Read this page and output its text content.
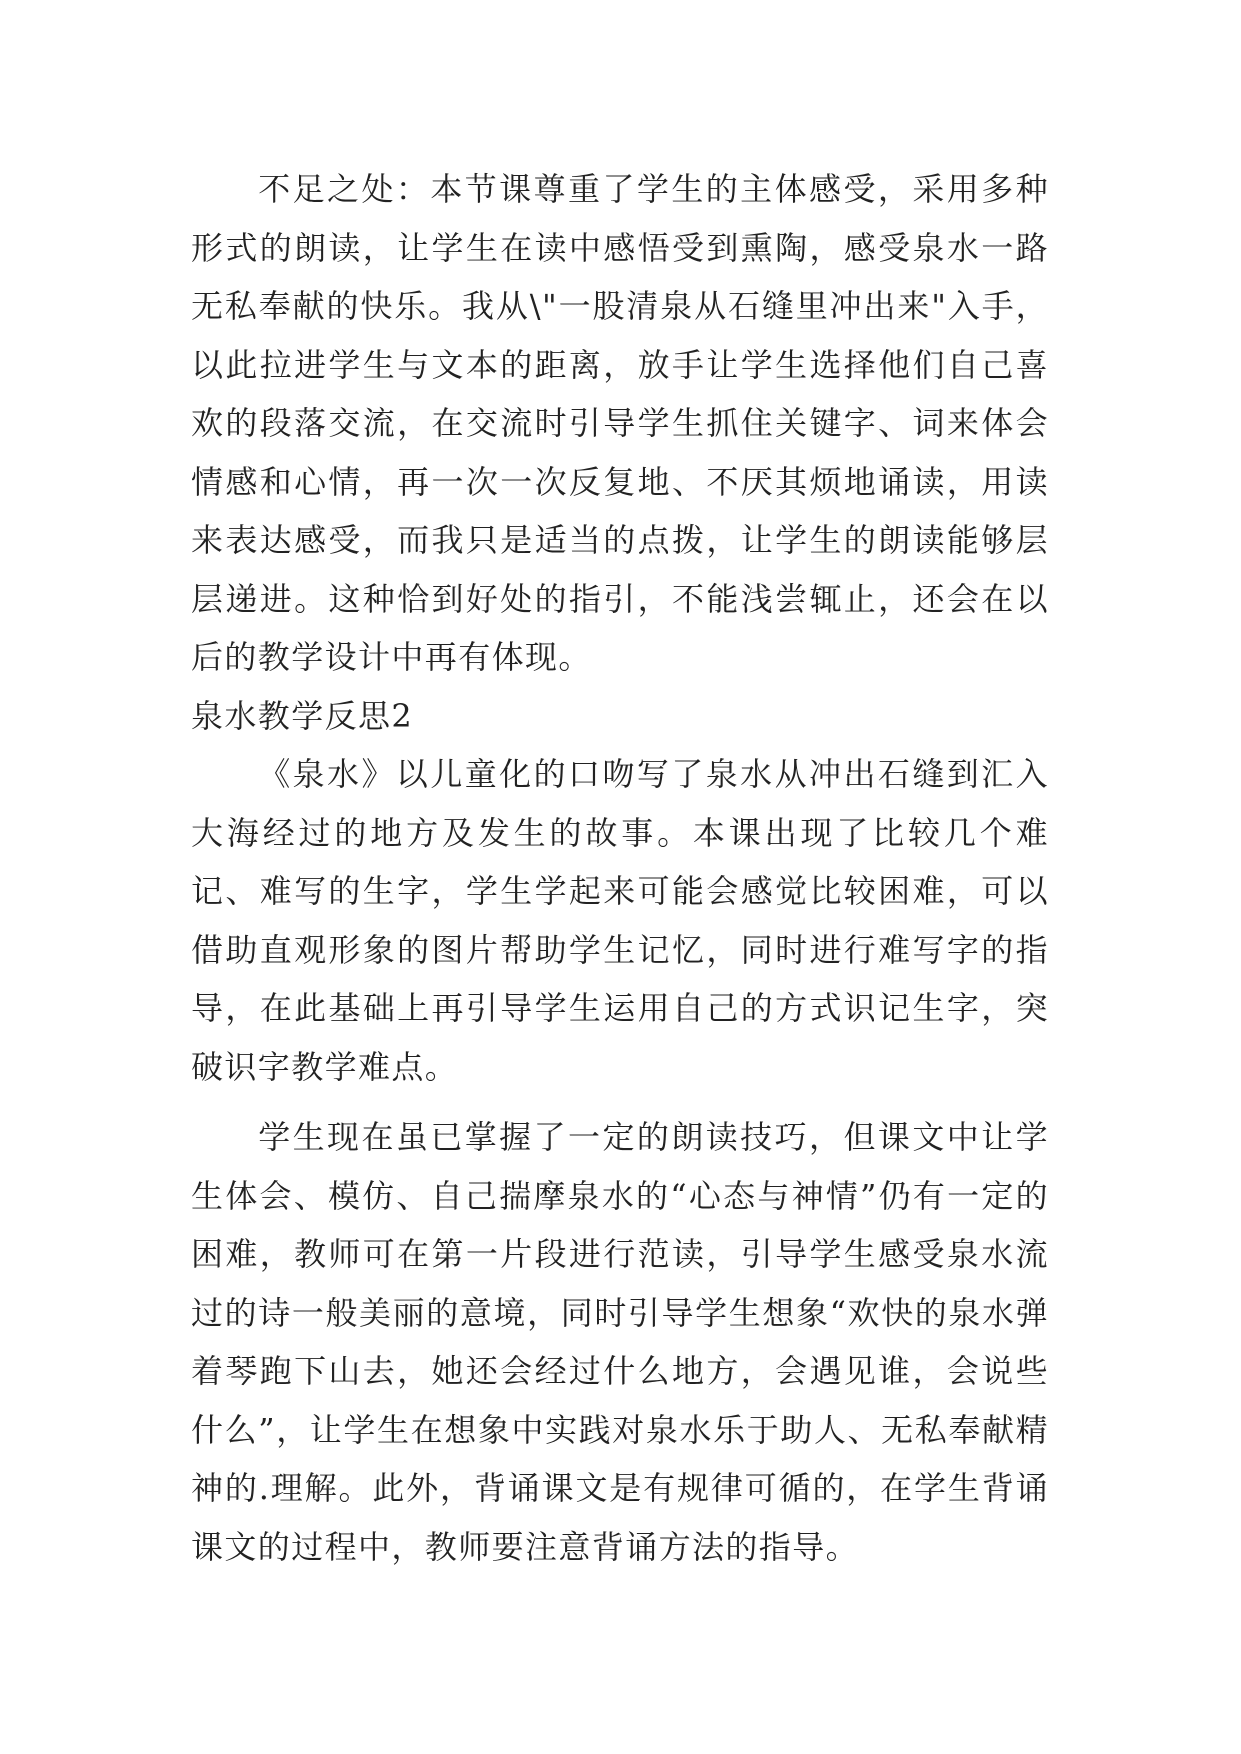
不足之处：本节课尊重了学生的主体感受，采用多种形式的朗读，让学生在读中感悟受到熏陶，感受泉水一路无私奉献的快乐。我从\"一股清泉从石缝里冲出来"入手，以此拉进学生与文本的距离，放手让学生选择他们自己喜欢的段落交流，在交流时引导学生抓住关键字、词来体会情感和心情，再一次一次反复地、不厌其烦地诵读，用读来表达感受，而我只是适当的点拨，让学生的朗读能够层层递进。这种恰到好处的指引，不能浅尝辄止，还会在以后的教学设计中再有体现。

泉水教学反思2

《泉水》以儿童化的口吻写了泉水从冲出石缝到汇入大海经过的地方及发生的故事。本课出现了比较几个难记、难写的生字，学生学起来可能会感觉比较困难，可以借助直观形象的图片帮助学生记忆，同时进行难写字的指导，在此基础上再引导学生运用自己的方式识记生字，突破识字教学难点。

学生现在虽已掌握了一定的朗读技巧，但课文中让学生体会、模仿、自己揣摩泉水的“心态与神情”仍有一定的困难，教师可在第一片段进行范读，引导学生感受泉水流过的诗一般美丽的意境，同时引导学生想象“欢快的泉水弹着琴跑下山去，她还会经过什么地方，会遇见谁，会说些什么”，让学生在想象中实践对泉水乐于助人、无私奉献精神的.理解。此外，背诵课文是有规律可循的，在学生背诵课文的过程中，教师要注意背诵方法的指导。
